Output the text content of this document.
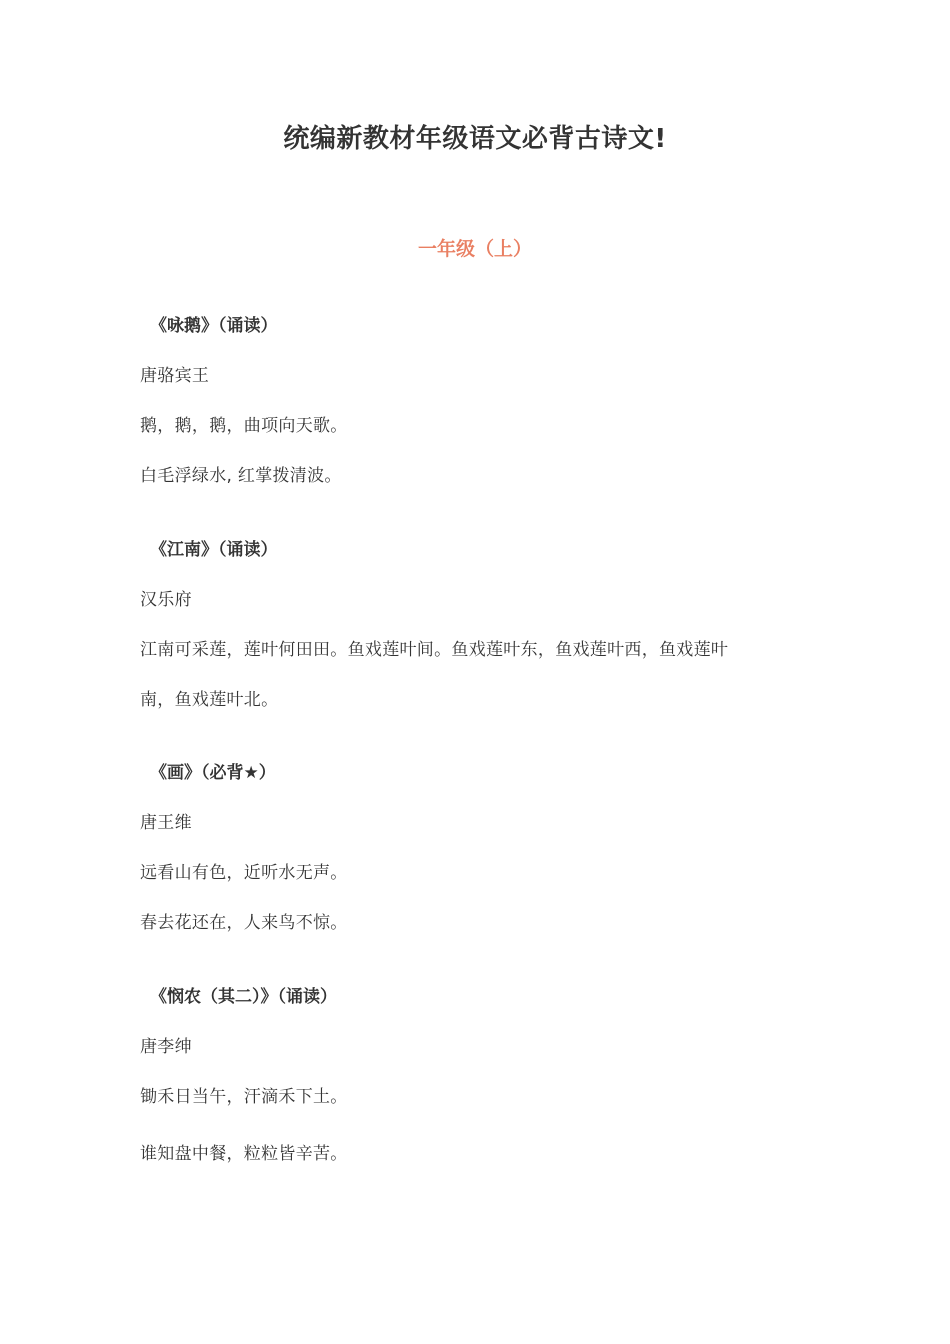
统编新教材年级语文必背古诗文!
一年级（上）
《咏鹅》（诵读）
唐骆宾王
鹅，鹅，鹅，曲项向天歌。
白毛浮绿水, 红掌拨清波。
《江南》（诵读）
汉乐府
江南可采莲，莲叶何田田。鱼戏莲叶间。鱼戏莲叶东，鱼戏莲叶西，鱼戏莲叶
南，鱼戏莲叶北。
《画》（必背★）
唐王维
远看山有色，近听水无声。
春去花还在，人来鸟不惊。
《悯农（其二）》（诵读）
唐李绅
锄禾日当午，汗滴禾下土。
谁知盘中餐，粒粒皆辛苦。
